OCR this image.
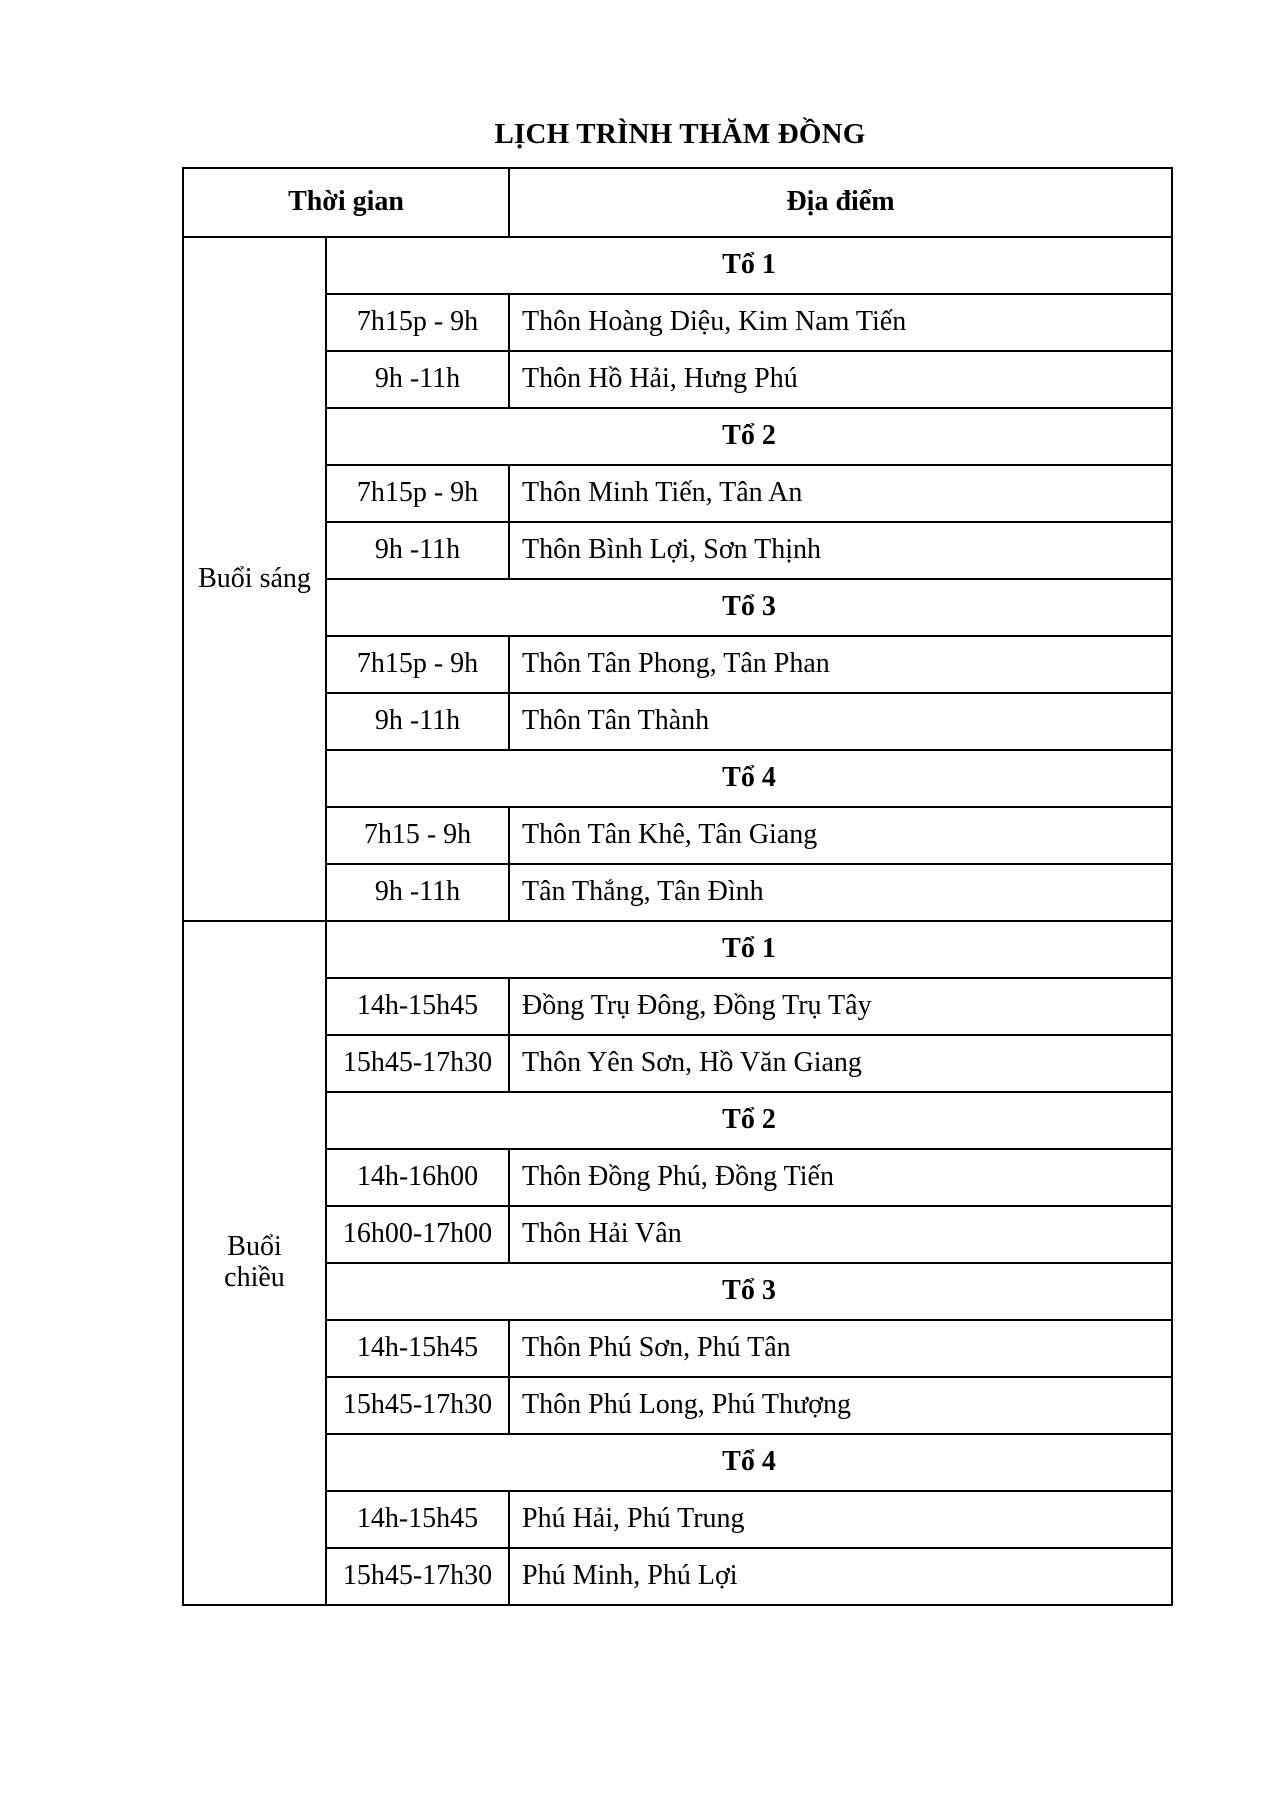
LỊCH TRÌNH THĂM ĐỒNG
Thời gian		Địa điểm
Buổi sáng	Tổ 1	
	7h15p - 9h	Thôn Hoàng Diệu, Kim Nam Tiến
	9h -11h	Thôn Hồ Hải, Hưng Phú
	Tổ 2	
	7h15p - 9h	Thôn Minh Tiến, Tân An
	9h -11h	Thôn Bình Lợi, Sơn Thịnh
	Tổ 3	
	7h15p - 9h	Thôn Tân Phong, Tân Phan
	9h -11h	Thôn Tân Thành
	Tổ 4	
	7h15 - 9h	Thôn Tân Khê, Tân Giang
	9h -11h	Tân Thắng, Tân Đình

Buổi
chiều	Tổ 1	
	14h-15h45	Đồng Trụ Đông, Đồng Trụ Tây
	15h45-17h30	Thôn Yên Sơn, Hồ Văn Giang
	Tổ 2	
	14h-16h00	Thôn Đồng Phú, Đồng Tiến
	16h00-17h00	Thôn Hải Vân
	Tổ 3	
	14h-15h45	Thôn Phú Sơn, Phú Tân
	15h45-17h30	Thôn Phú Long, Phú Thượng
	Tổ 4	
	14h-15h45	Phú Hải, Phú Trung
	15h45-17h30	Phú Minh, Phú Lợi
